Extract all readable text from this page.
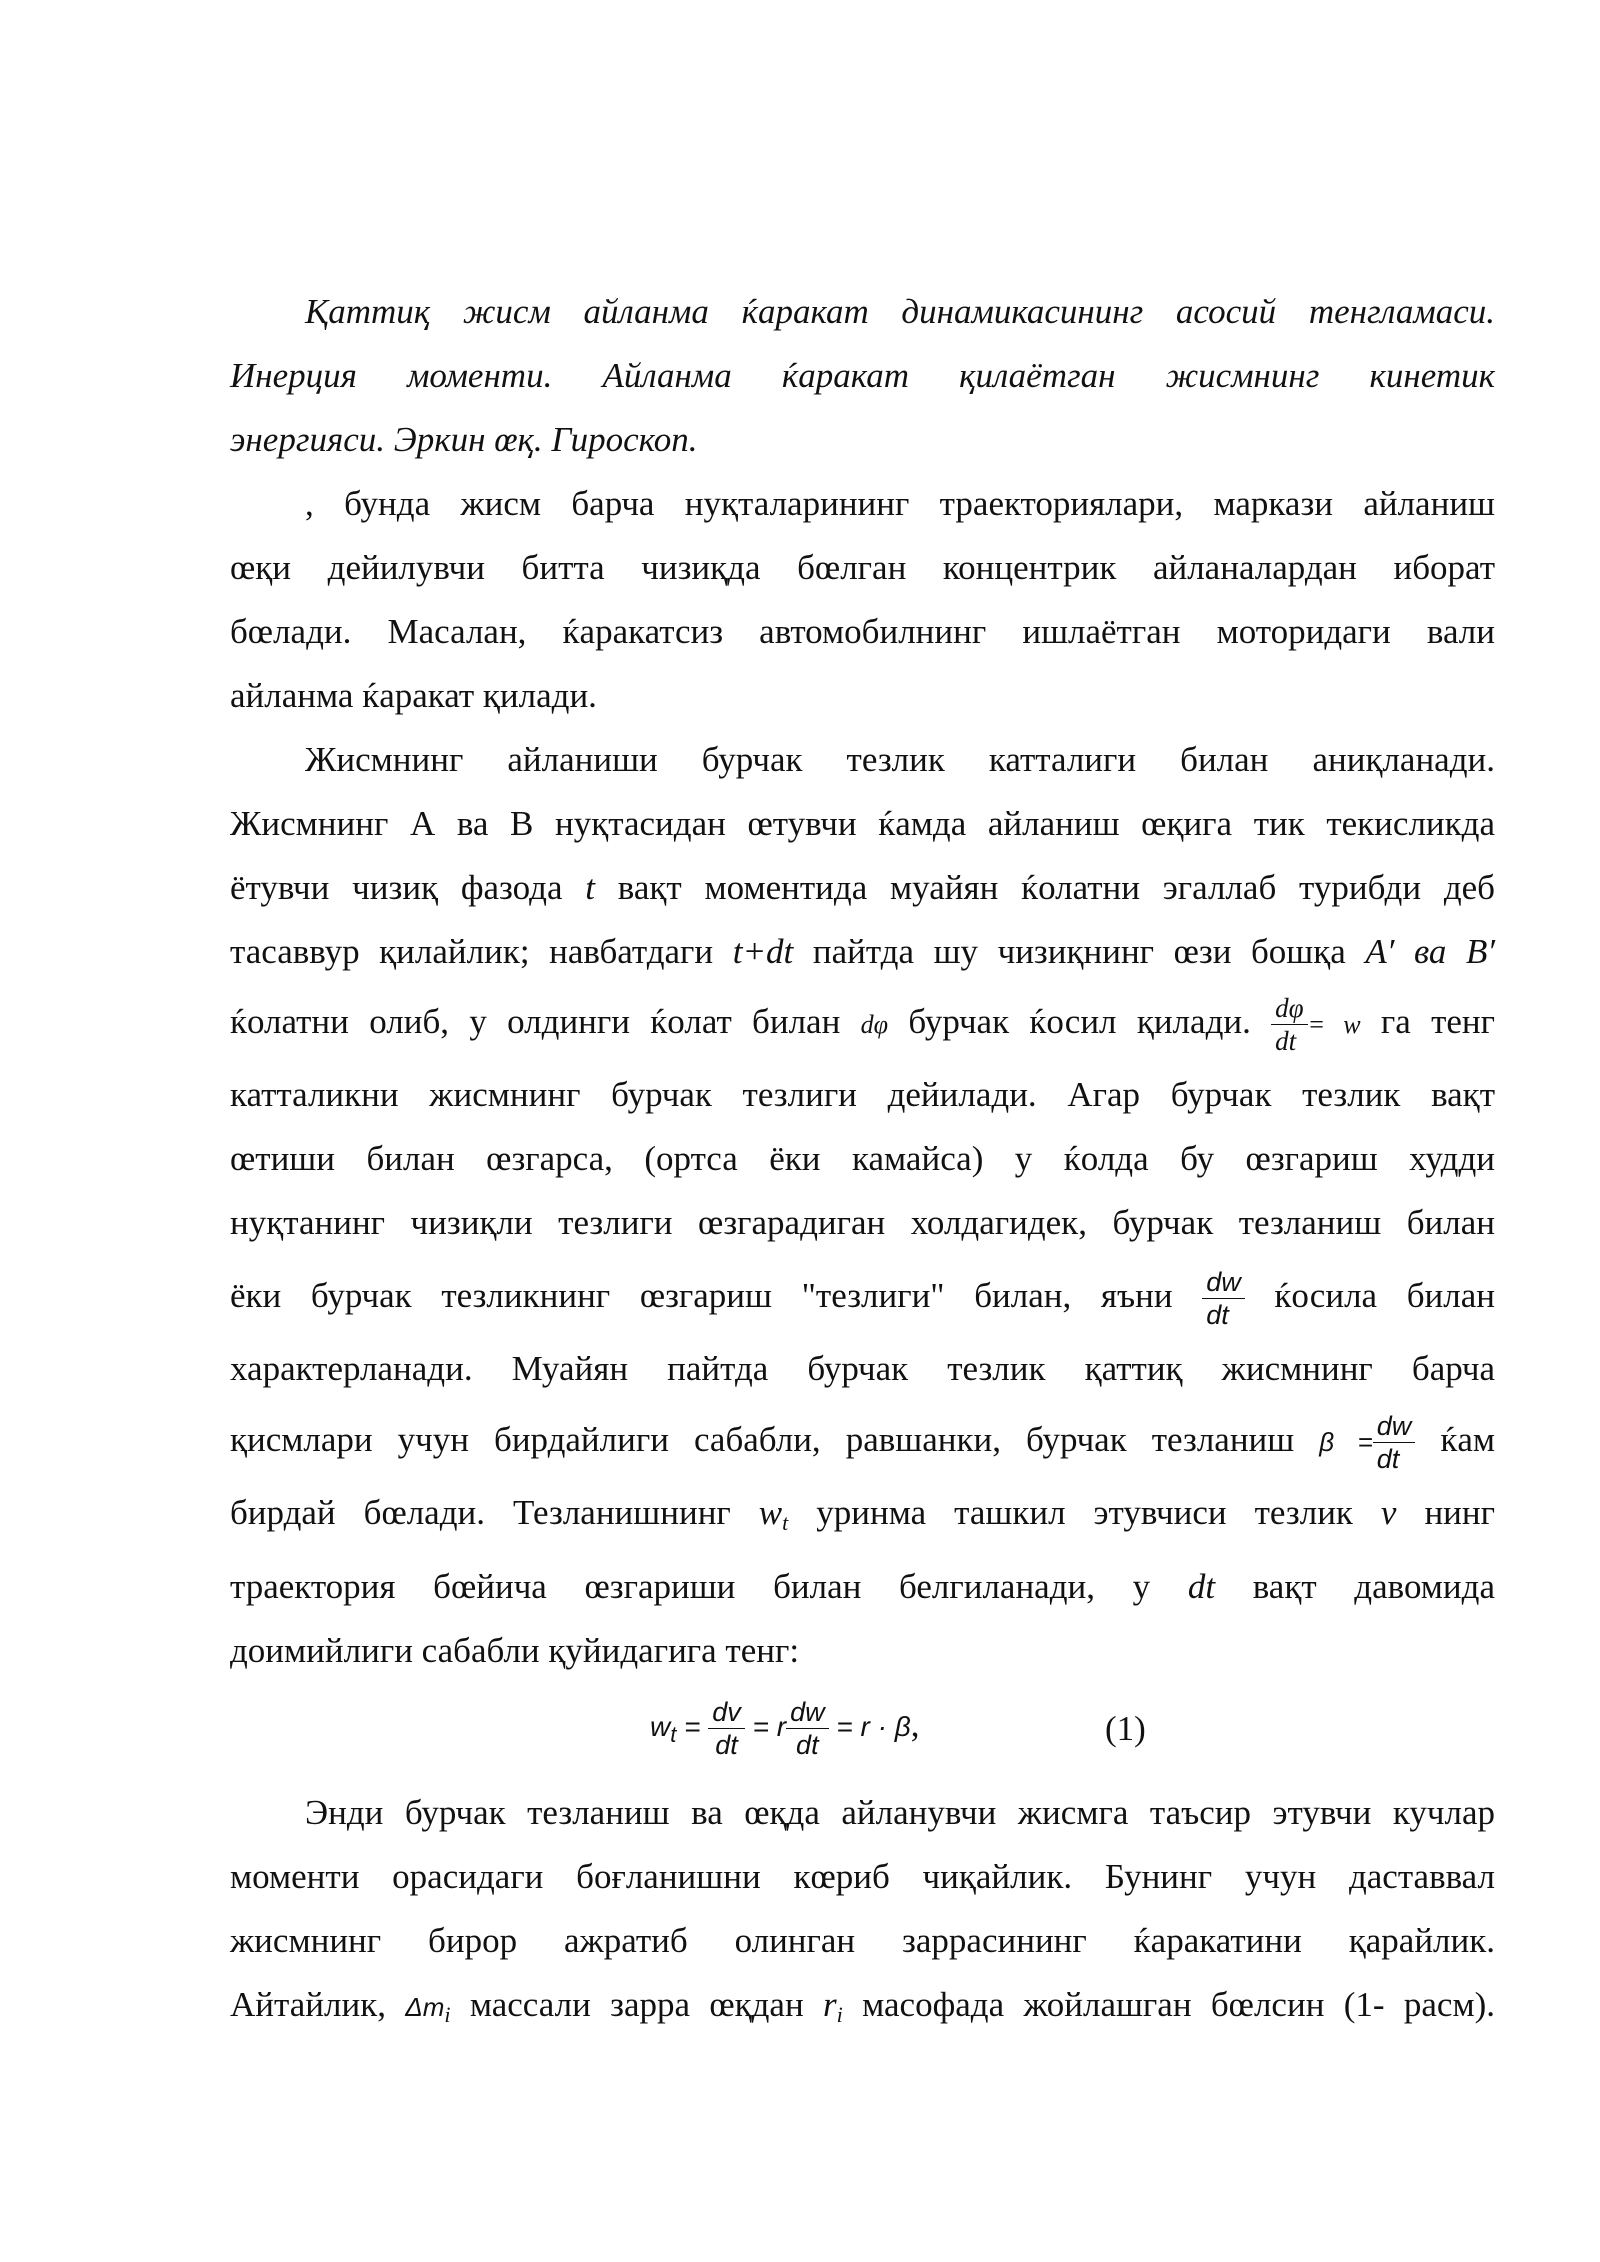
Қаттиқ жисм айланма ќаракат динамикасининг асосий тенгламаси.

Инерция моменти. Айланма ќаракат қилаётган жисмнинг кинетик

энергияси. Эркин œқ. Гироскоп.

, бунда жисм барча нуқталарининг траекториялари, маркази айланиш

œқи дейилувчи битта чизиқда бœлган концентрик айланалардан иборат

бœлади. Масалан, ќаракатсиз автомобилнинг ишлаётган моторидаги вали

айланма ќаракат қилади.

Жисмнинг айланиши бурчак тезлик катталиги билан аниқланади.

Жисмнинг А ва В нуқтасидан œтувчи ќамда айланиш œқига тик текисликда

ётувчи чизиқ фазода t вақт моментида муайян ќолатни эгаллаб турибди деб

тасаввур қилайлик; навбатдаги t+dt пайтда шу чизиқнинг œзи бошқа A′ ва B′

ќолатни олиб, у олдинги ќолат билан dφ бурчак ќосил қилади. $\frac{d\varphi}{dt} = w$ га тенг

катталикни жисмнинг бурчак тезлиги дейилади. Агар бурчак тезлик вақт

œтиши билан œзгарса, (ортса ёки камайса) у ќолда бу œзгариш худди

нуқтанинг чизиқли тезлиги œзгарадиган холдагидек, бурчак тезланиш билан

ёки бурчак тезликнинг œзгариш "тезлиги" билан, яъни $\frac{dw}{dt}$ ќосила билан

характерланади. Муайян пайтда бурчак тезлик қаттиқ жисмнинг барча

қисмлари учун бирдайлиги сабабли, равшанки, бурчак тезланиш $\beta = \frac{dw}{dt}$ ќам

бирдай бœлади. Тезланишнинг $w_t$ уринма ташкил этувчиси тезлик v нинг

траектория бœйича œзгариши билан белгиланади, у dt вақт давомида

доимийлиги сабабли қуйидагига тенг:

$w_t = \frac{dv}{dt} = r \frac{dw}{dt} = r \cdot \beta$,	(1)

Энди бурчак тезланиш ва œқда айланувчи жисмга таъсир этувчи кучлар

моменти орасидаги боғланишни кœриб чиқайлик. Бунинг учун даставвал

жисмнинг бирор ажратиб олинган заррасининг ќаракатини қарайлик.

Айтайлик, $\Delta m_i$ массали зарра œқдан $r_i$ масофада жойлашган бœлсин (1- расм).
